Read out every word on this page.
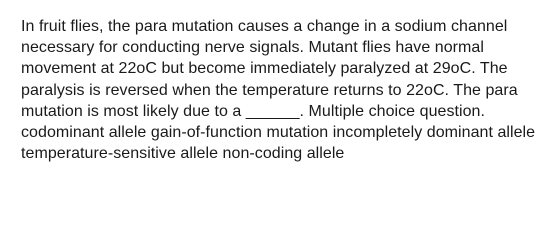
In fruit flies, the para mutation causes a change in a sodium channel necessary for conducting nerve signals. Mutant flies have normal movement at 22oC but become immediately paralyzed at 29oC. The paralysis is reversed when the temperature returns to 22oC. The para mutation is most likely due to a ______. Multiple choice question. codominant allele gain-of-function mutation incompletely dominant allele temperature-sensitive allele non-coding allele
